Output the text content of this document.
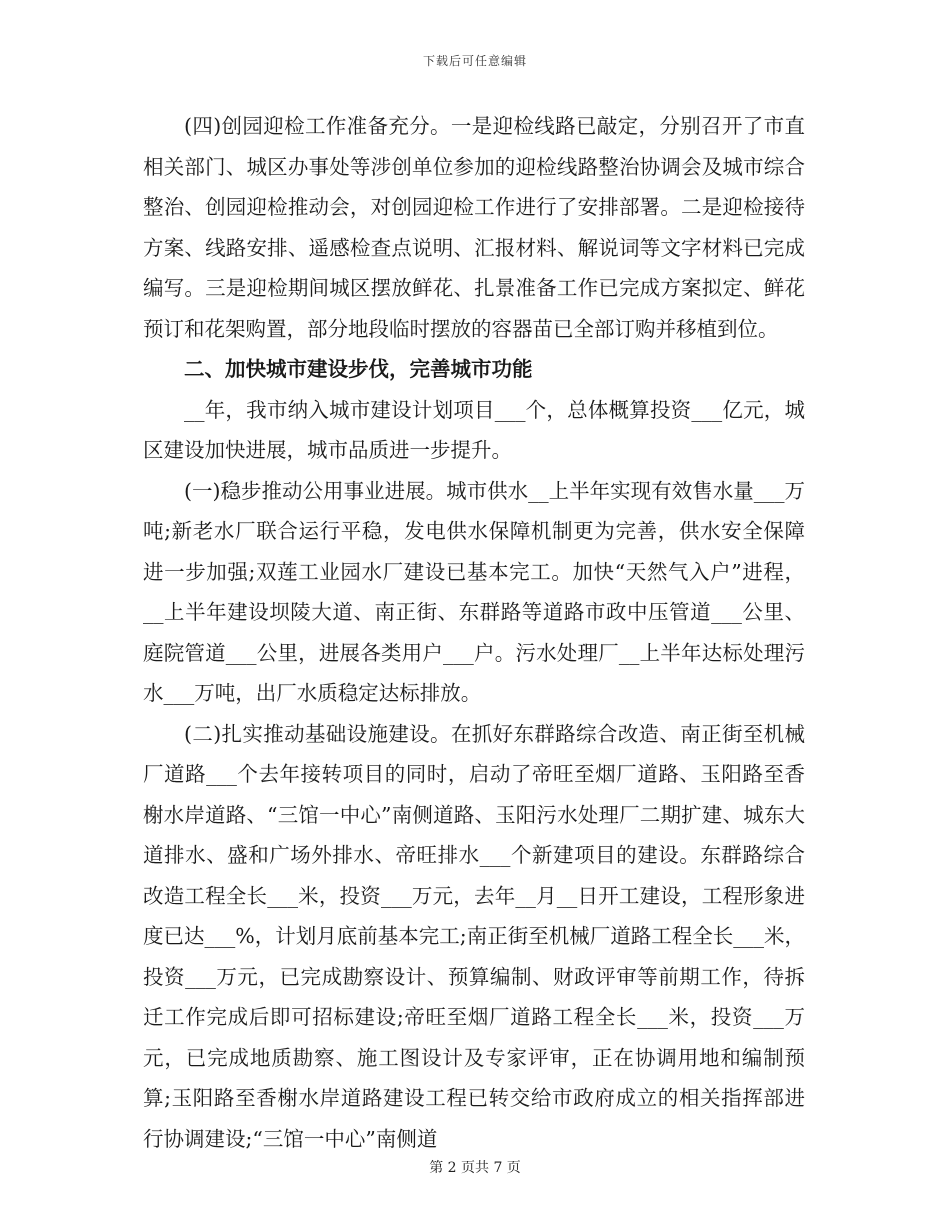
下载后可任意编辑

(四)创园迎检工作准备充分。一是迎检线路已敲定，分别召开了市直相关部门、城区办事处等涉创单位参加的迎检线路整治协调会及城市综合整治、创园迎检推动会，对创园迎检工作进行了安排部署。二是迎检接待方案、线路安排、遥感检查点说明、汇报材料、解说词等文字材料已完成编写。三是迎检期间城区摆放鲜花、扎景准备工作已完成方案拟定、鲜花预订和花架购置，部分地段临时摆放的容器苗已全部订购并移植到位。

二、加快城市建设步伐，完善城市功能

__年，我市纳入城市建设计划项目___个，总体概算投资___亿元，城区建设加快进展，城市品质进一步提升。

(一)稳步推动公用事业进展。城市供水__上半年实现有效售水量___万吨;新老水厂联合运行平稳，发电供水保障机制更为完善，供水安全保障进一步加强;双莲工业园水厂建设已基本完工。加快“天然气入户”进程，__上半年建设坝陵大道、南正街、东群路等道路市政中压管道___公里、庭院管道___公里，进展各类用户___户。污水处理厂__上半年达标处理污水___万吨，出厂水质稳定达标排放。

(二)扎实推动基础设施建设。在抓好东群路综合改造、南正街至机械厂道路___个去年接转项目的同时，启动了帝旺至烟厂道路、玉阳路至香榭水岸道路、“三馆一中心”南侧道路、玉阳污水处理厂二期扩建、城东大道排水、盛和广场外排水、帝旺排水___个新建项目的建设。东群路综合改造工程全长___米，投资___万元，去年__月__日开工建设，工程形象进度已达___%，计划月底前基本完工;南正街至机械厂道路工程全长___米，投资___万元，已完成勘察设计、预算编制、财政评审等前期工作，待拆迁工作完成后即可招标建设;帝旺至烟厂道路工程全长___米，投资___万元，已完成地质勘察、施工图设计及专家评审，正在协调用地和编制预算;玉阳路至香榭水岸道路建设工程已转交给市政府成立的相关指挥部进行协调建设;“三馆一中心”南侧道

第 2 页共 7 页
